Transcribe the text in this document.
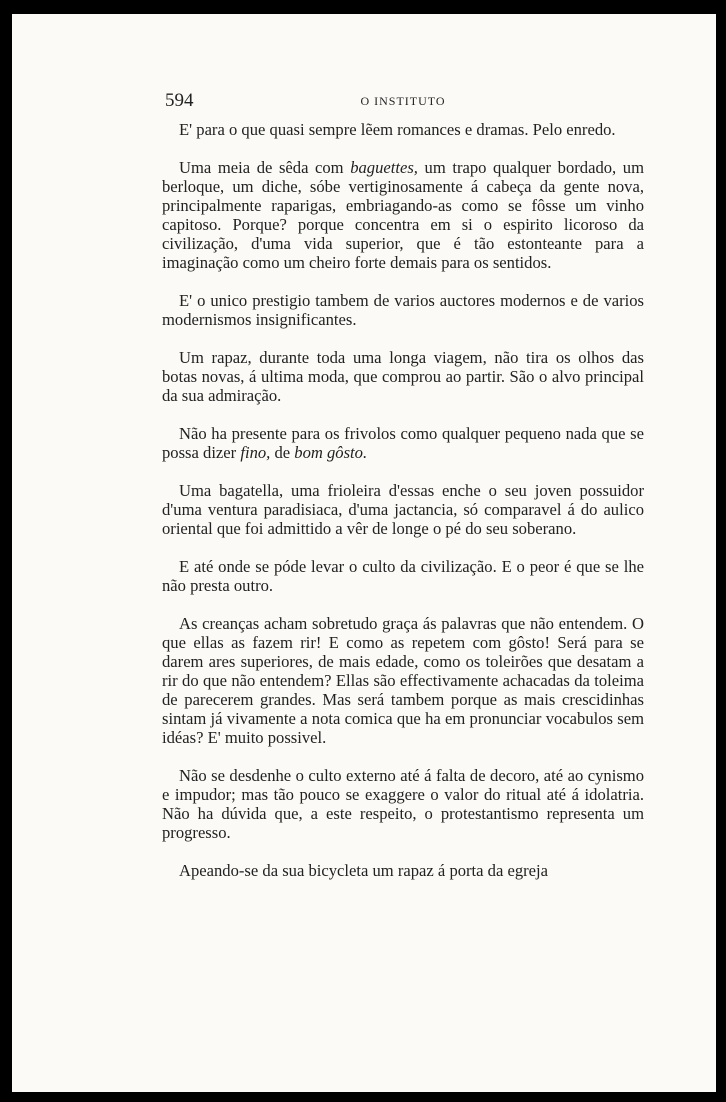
594	O INSTITUTO

E' para o que quasi sempre lẽem romances e dramas. Pelo enredo.

Uma meia de sêda com baguettes, um trapo qualquer bordado, um berloque, um diche, sóbe vertiginosamente á cabeça da gente nova, principalmente raparigas, embriagando-as como se fôsse um vinho capitoso. Porque? porque concentra em si o espirito licoroso da civilização, d'uma vida superior, que é tão estonteante para a imaginação como um cheiro forte demais para os sentidos.

E' o unico prestigio tambem de varios auctores modernos e de varios modernismos insignificantes.

Um rapaz, durante toda uma longa viagem, não tira os olhos das botas novas, á ultima moda, que comprou ao partir. São o alvo principal da sua admiração.

Não ha presente para os frivolos como qualquer pequeno nada que se possa dizer fino, de bom gôsto.

Uma bagatella, uma frioleira d'essas enche o seu joven possuidor d'uma ventura paradisiaca, d'uma jactancia, só comparavel á do aulico oriental que foi admittido a vêr de longe o pé do seu soberano.

E até onde se póde levar o culto da civilização. E o peor é que se lhe não presta outro.

As creanças acham sobretudo graça ás palavras que não entendem. O que ellas as fazem rir! E como as repetem com gôsto! Será para se darem ares superiores, de mais edade, como os toleirões que desatam a rir do que não entendem? Ellas são effectivamente achacadas da toleima de parecerem grandes. Mas será tambem porque as mais crescidinhas sintam já vivamente a nota comica que ha em pronunciar vocabulos sem idéas? E' muito possivel.

Não se desdenhe o culto externo até á falta de decoro, até ao cynismo e impudor; mas tão pouco se exaggere o valor do ritual até á idolatria. Não ha dúvida que, a este respeito, o protestantismo representa um progresso.

Apeando-se da sua bicycleta um rapaz á porta da egreja
